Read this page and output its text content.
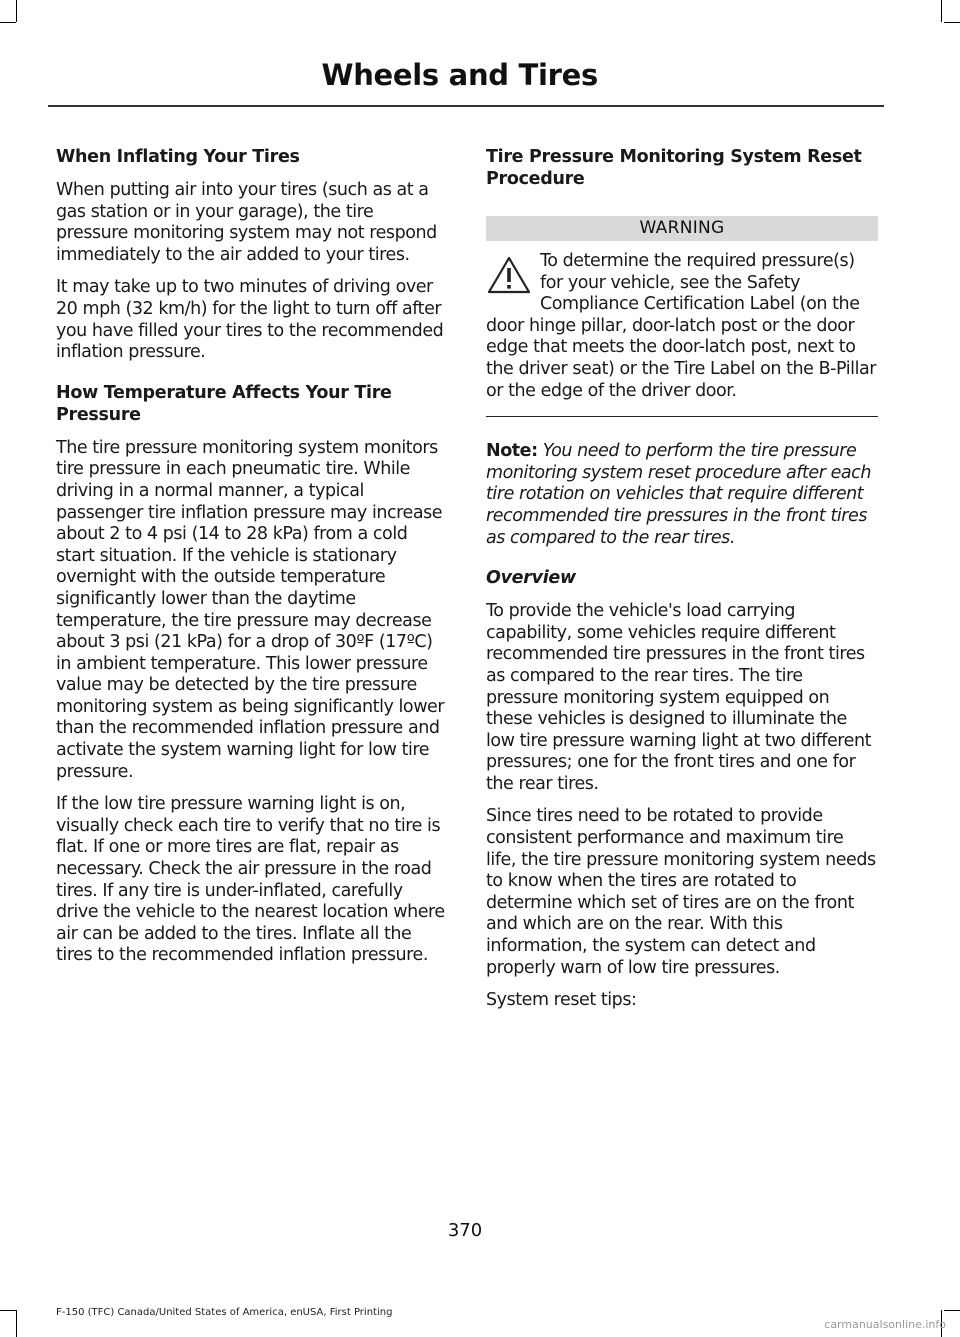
Wheels and Tires
When Inflating Your Tires
When putting air into your tires (such as at a gas station or in your garage), the tire pressure monitoring system may not respond immediately to the air added to your tires.
It may take up to two minutes of driving over 20 mph (32 km/h) for the light to turn off after you have filled your tires to the recommended inflation pressure.
How Temperature Affects Your Tire Pressure
The tire pressure monitoring system monitors tire pressure in each pneumatic tire. While driving in a normal manner, a typical passenger tire inflation pressure may increase about 2 to 4 psi (14 to 28 kPa) from a cold start situation. If the vehicle is stationary overnight with the outside temperature significantly lower than the daytime temperature, the tire pressure may decrease about 3 psi (21 kPa) for a drop of 30ºF (17ºC) in ambient temperature. This lower pressure value may be detected by the tire pressure monitoring system as being significantly lower than the recommended inflation pressure and activate the system warning light for low tire pressure.
If the low tire pressure warning light is on, visually check each tire to verify that no tire is flat. If one or more tires are flat, repair as necessary. Check the air pressure in the road tires. If any tire is under-inflated, carefully drive the vehicle to the nearest location where air can be added to the tires. Inflate all the tires to the recommended inflation pressure.
Tire Pressure Monitoring System Reset Procedure
WARNING
To determine the required pressure(s) for your vehicle, see the Safety Compliance Certification Label (on the door hinge pillar, door-latch post or the door edge that meets the door-latch post, next to the driver seat) or the Tire Label on the B-Pillar or the edge of the driver door.
Note: You need to perform the tire pressure monitoring system reset procedure after each tire rotation on vehicles that require different recommended tire pressures in the front tires as compared to the rear tires.
Overview
To provide the vehicle's load carrying capability, some vehicles require different recommended tire pressures in the front tires as compared to the rear tires. The tire pressure monitoring system equipped on these vehicles is designed to illuminate the low tire pressure warning light at two different pressures; one for the front tires and one for the rear tires.
Since tires need to be rotated to provide consistent performance and maximum tire life, the tire pressure monitoring system needs to know when the tires are rotated to determine which set of tires are on the front and which are on the rear. With this information, the system can detect and properly warn of low tire pressures.
System reset tips:
370
F-150 (TFC) Canada/United States of America, enUSA, First Printing
carmanualsonline.info
